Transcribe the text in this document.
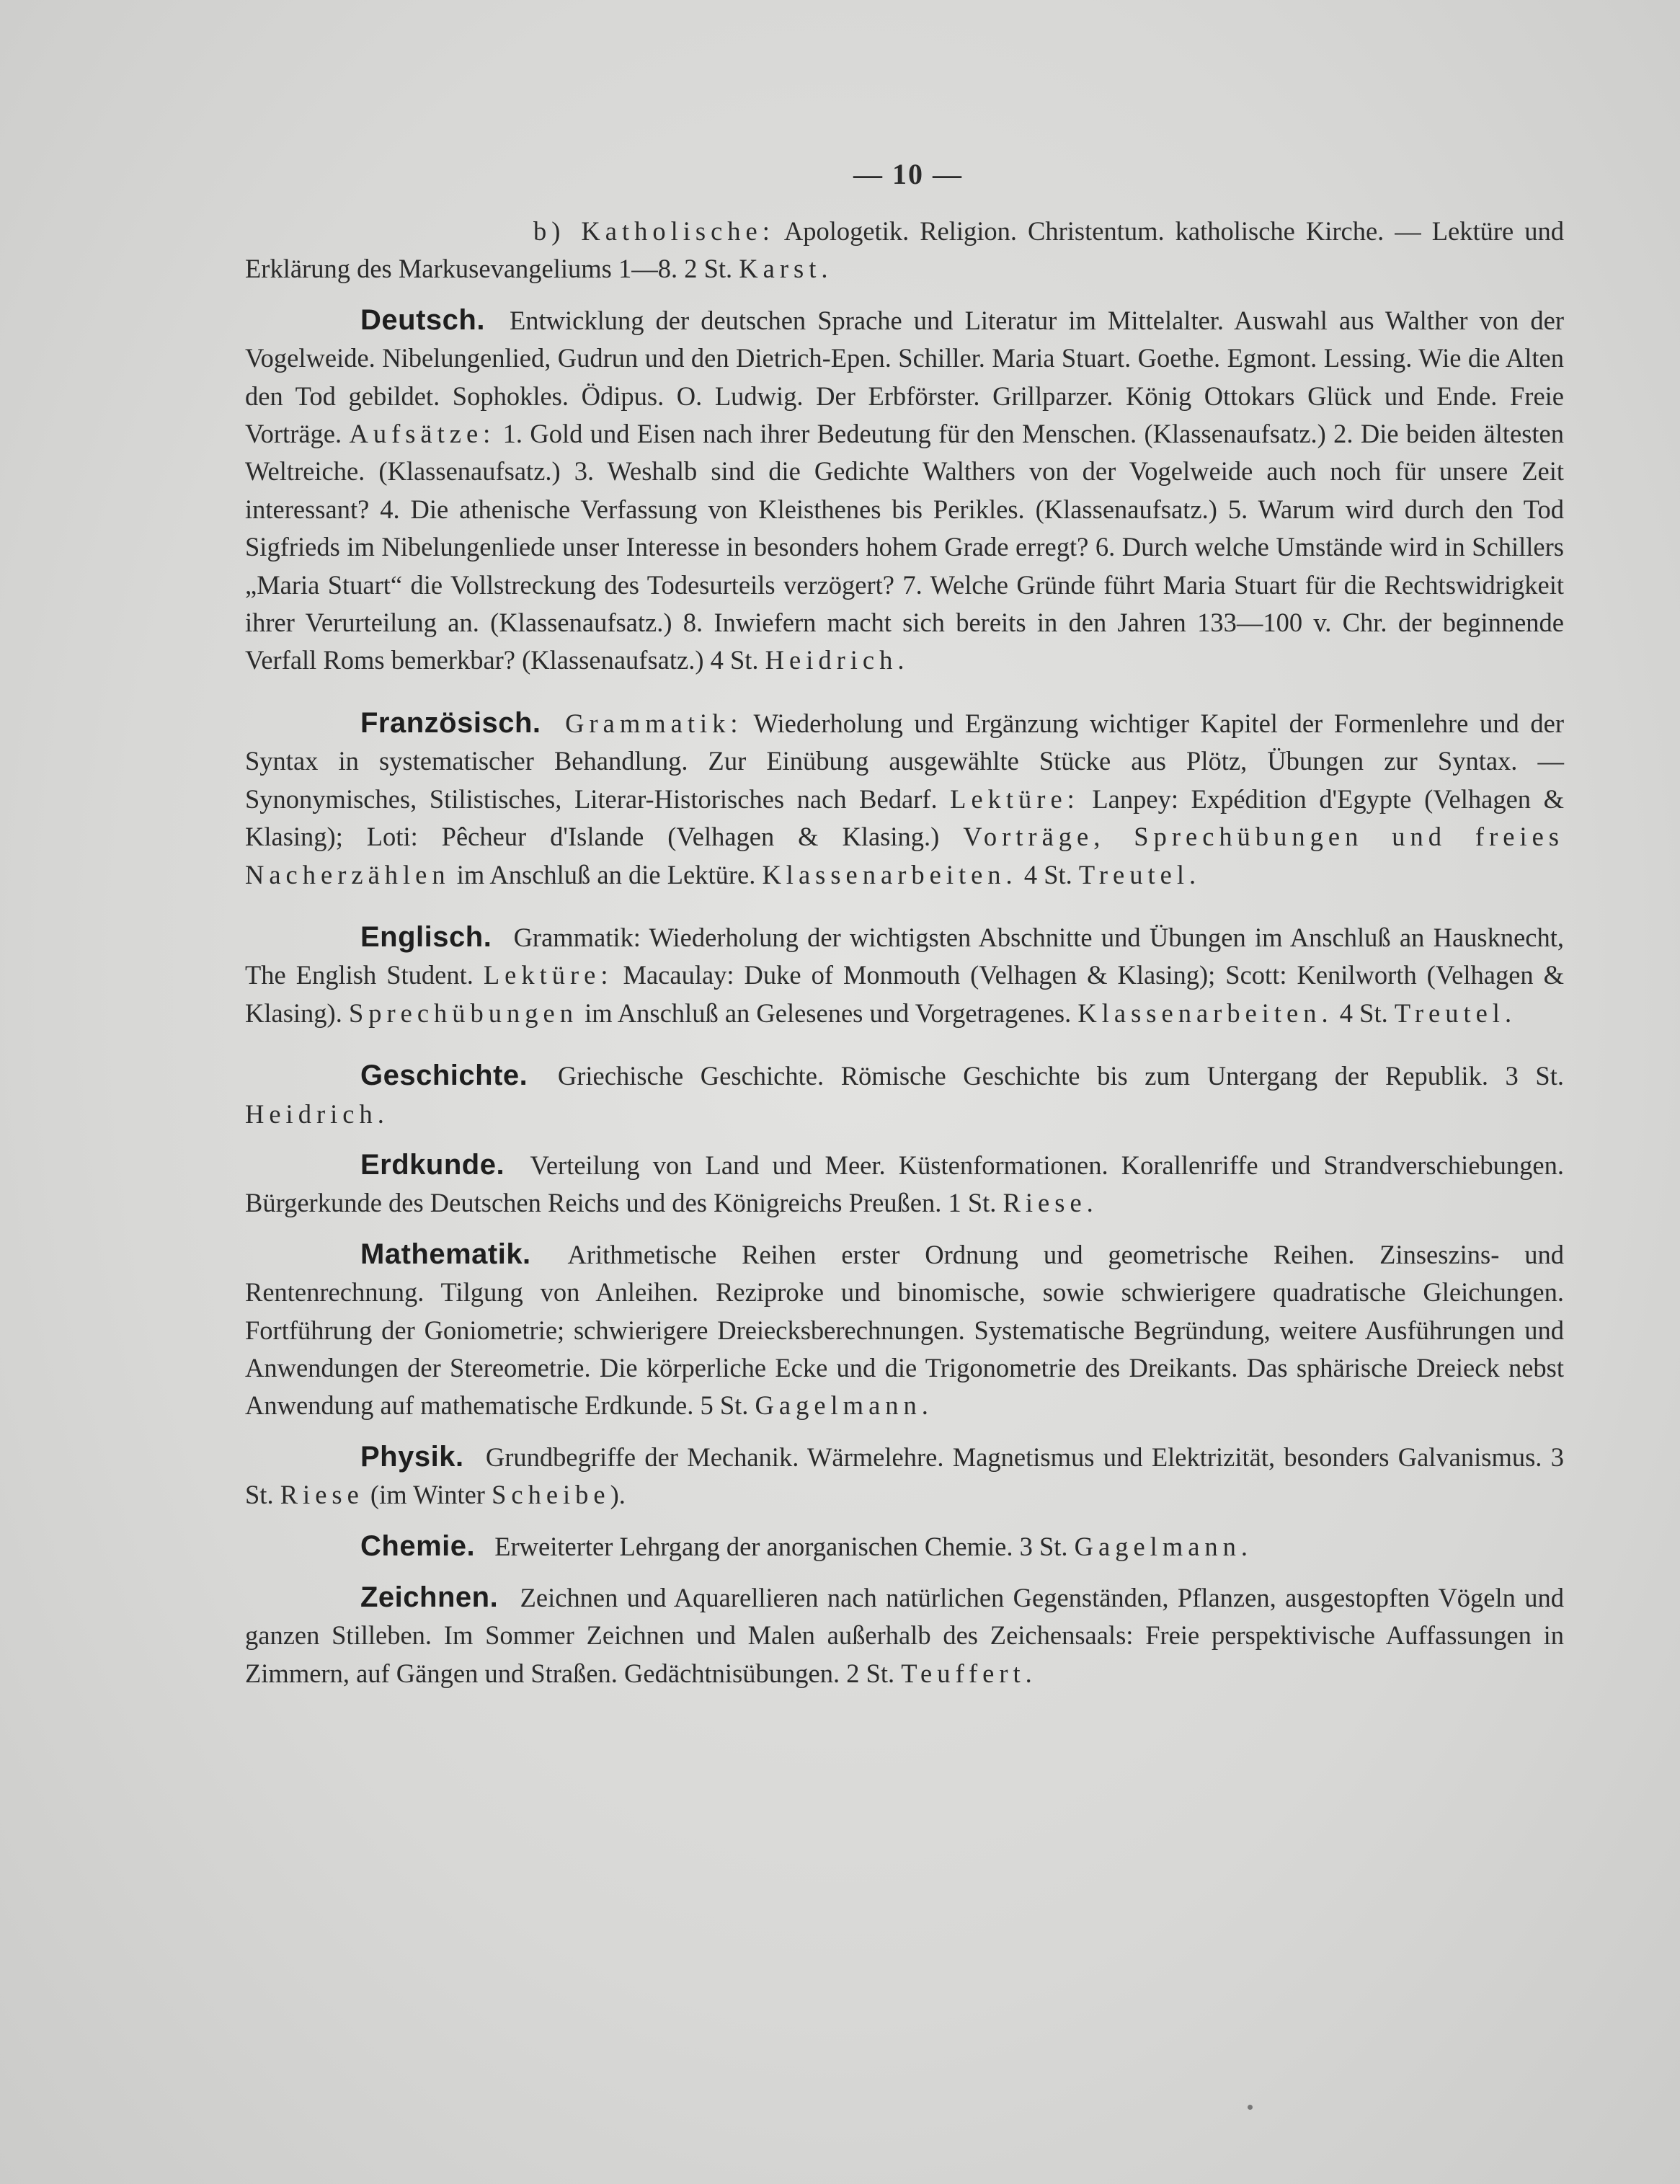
— 10 —

b) Katholische: Apologetik. Religion. Christentum. katholische Kirche. — Lektüre und Erklärung des Markusevangeliums 1—8. 2 St. Karst.

Deutsch. Entwicklung der deutschen Sprache und Literatur im Mittelalter. Auswahl aus Walther von der Vogelweide. Nibelungenlied, Gudrun und den Dietrich-Epen. Schiller. Maria Stuart. Goethe. Egmont. Lessing. Wie die Alten den Tod gebildet. Sophokles. Ödipus. O. Ludwig. Der Erbförster. Grillparzer. König Ottokars Glück und Ende. Freie Vorträge. Aufsätze: 1. Gold und Eisen nach ihrer Bedeutung für den Menschen. (Klassenaufsatz.) 2. Die beiden ältesten Weltreiche. (Klassenaufsatz.) 3. Weshalb sind die Gedichte Walthers von der Vogelweide auch noch für unsere Zeit interessant? 4. Die athenische Verfassung von Kleisthenes bis Perikles. (Klassenaufsatz.) 5. Warum wird durch den Tod Sigfrieds im Nibelungenliede unser Interesse in besonders hohem Grade erregt? 6. Durch welche Umstände wird in Schillers „Maria Stuart“ die Vollstreckung des Todesurteils verzögert? 7. Welche Gründe führt Maria Stuart für die Rechtswidrigkeit ihrer Verurteilung an. (Klassenaufsatz.) 8. Inwiefern macht sich bereits in den Jahren 133—100 v. Chr. der beginnende Verfall Roms bemerkbar? (Klassenaufsatz.) 4 St. Heidrich.

Französisch. Grammatik: Wiederholung und Ergänzung wichtiger Kapitel der Formenlehre und der Syntax in systematischer Behandlung. Zur Einübung ausgewählte Stücke aus Plötz, Übungen zur Syntax. — Synonymisches, Stilistisches, Literar-Historisches nach Bedarf. Lektüre: Lanpey: Expédition d'Egypte (Velhagen & Klasing); Loti: Pêcheur d'Islande (Velhagen & Klasing.) Vorträge, Sprechübungen und freies Nacherzählen im Anschluß an die Lektüre. Klassenarbeiten. 4 St. Treutel.

Englisch. Grammatik: Wiederholung der wichtigsten Abschnitte und Übungen im Anschluß an Hausknecht, The English Student. Lektüre: Macaulay: Duke of Monmouth (Velhagen & Klasing); Scott: Kenilworth (Velhagen & Klasing). Sprechübungen im Anschluß an Gelesenes und Vorgetragenes. Klassenarbeiten. 4 St. Treutel.

Geschichte. Griechische Geschichte. Römische Geschichte bis zum Untergang der Republik. 3 St. Heidrich.

Erdkunde. Verteilung von Land und Meer. Küstenformationen. Korallenriffe und Strandverschiebungen. Bürgerkunde des Deutschen Reichs und des Königreichs Preußen. 1 St. Riese.

Mathematik. Arithmetische Reihen erster Ordnung und geometrische Reihen. Zinseszins- und Rentenrechnung. Tilgung von Anleihen. Reziproke und binomische, sowie schwierigere quadratische Gleichungen. Fortführung der Goniometrie; schwierigere Dreiecksberechnungen. Systematische Begründung, weitere Ausführungen und Anwendungen der Stereometrie. Die körperliche Ecke und die Trigonometrie des Dreikants. Das sphärische Dreieck nebst Anwendung auf mathematische Erdkunde. 5 St. Gagelmann.

Physik. Grundbegriffe der Mechanik. Wärmelehre. Magnetismus und Elektrizität, besonders Galvanismus. 3 St. Riese (im Winter Scheibe).

Chemie. Erweiterter Lehrgang der anorganischen Chemie. 3 St. Gagelmann.

Zeichnen. Zeichnen und Aquarellieren nach natürlichen Gegenständen, Pflanzen, ausgestopften Vögeln und ganzen Stilleben. Im Sommer Zeichnen und Malen außerhalb des Zeichensaals: Freie perspektivische Auffassungen in Zimmern, auf Gängen und Straßen. Gedächtnisübungen. 2 St. Teuffert.
